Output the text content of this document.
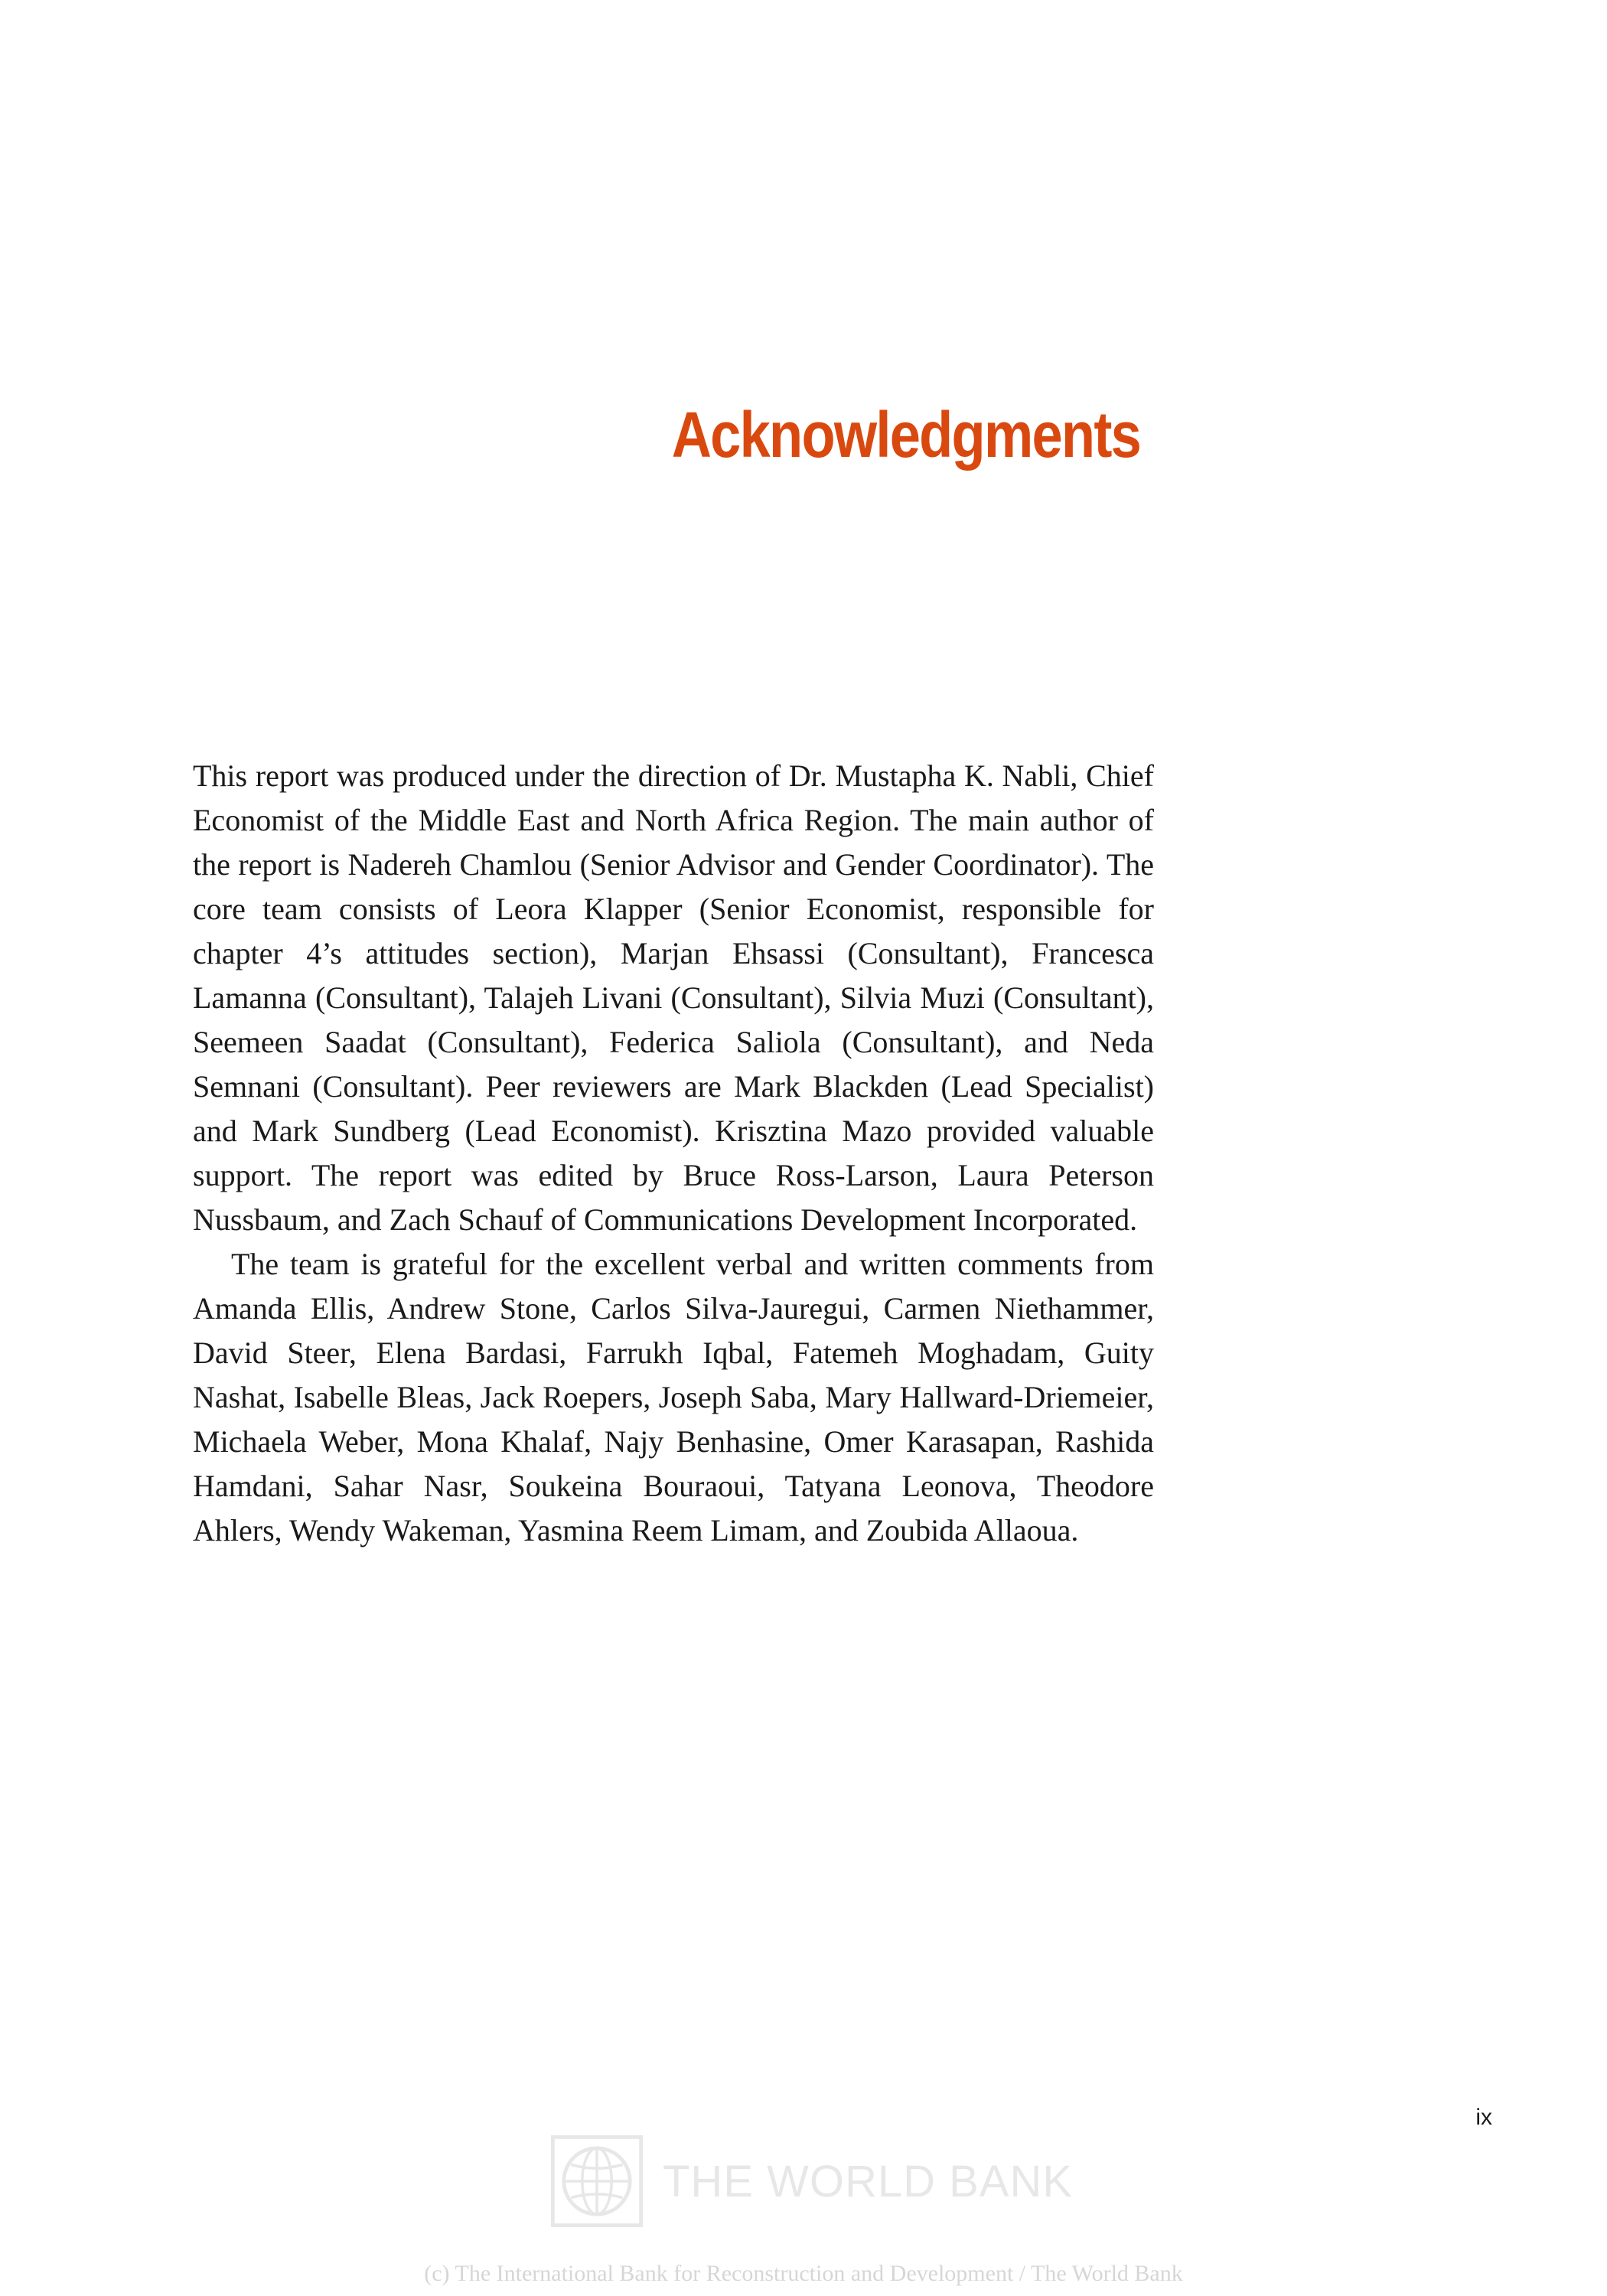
Acknowledgments

This report was produced under the direction of Dr. Mustapha K. Nabli, Chief Economist of the Middle East and North Africa Region. The main author of the report is Nadereh Chamlou (Senior Advisor and Gender Coordinator). The core team consists of Leora Klapper (Senior Economist, responsible for chapter 4’s attitudes section), Marjan Ehsassi (Consultant), Francesca Lamanna (Consultant), Talajeh Livani (Consultant), Silvia Muzi (Consultant), Seemeen Saadat (Consultant), Federica Saliola (Consultant), and Neda Semnani (Consultant). Peer reviewers are Mark Blackden (Lead Specialist) and Mark Sundberg (Lead Economist). Krisztina Mazo provided valuable support. The report was edited by Bruce Ross-Larson, Laura Peterson Nussbaum, and Zach Schauf of Communications Development Incorporated.

The team is grateful for the excellent verbal and written comments from Amanda Ellis, Andrew Stone, Carlos Silva-Jauregui, Carmen Niethammer, David Steer, Elena Bardasi, Farrukh Iqbal, Fatemeh Moghadam, Guity Nashat, Isabelle Bleas, Jack Roepers, Joseph Saba, Mary Hallward-Driemeier, Michaela Weber, Mona Khalaf, Najy Benhasine, Omer Karasapan, Rashida Hamdani, Sahar Nasr, Soukeina Bouraoui, Tatyana Leonova, Theodore Ahlers, Wendy Wakeman, Yasmina Reem Limam, and Zoubida Allaoua.

ix
THE WORLD BANK
(c) The International Bank for Reconstruction and Development / The World Bank
